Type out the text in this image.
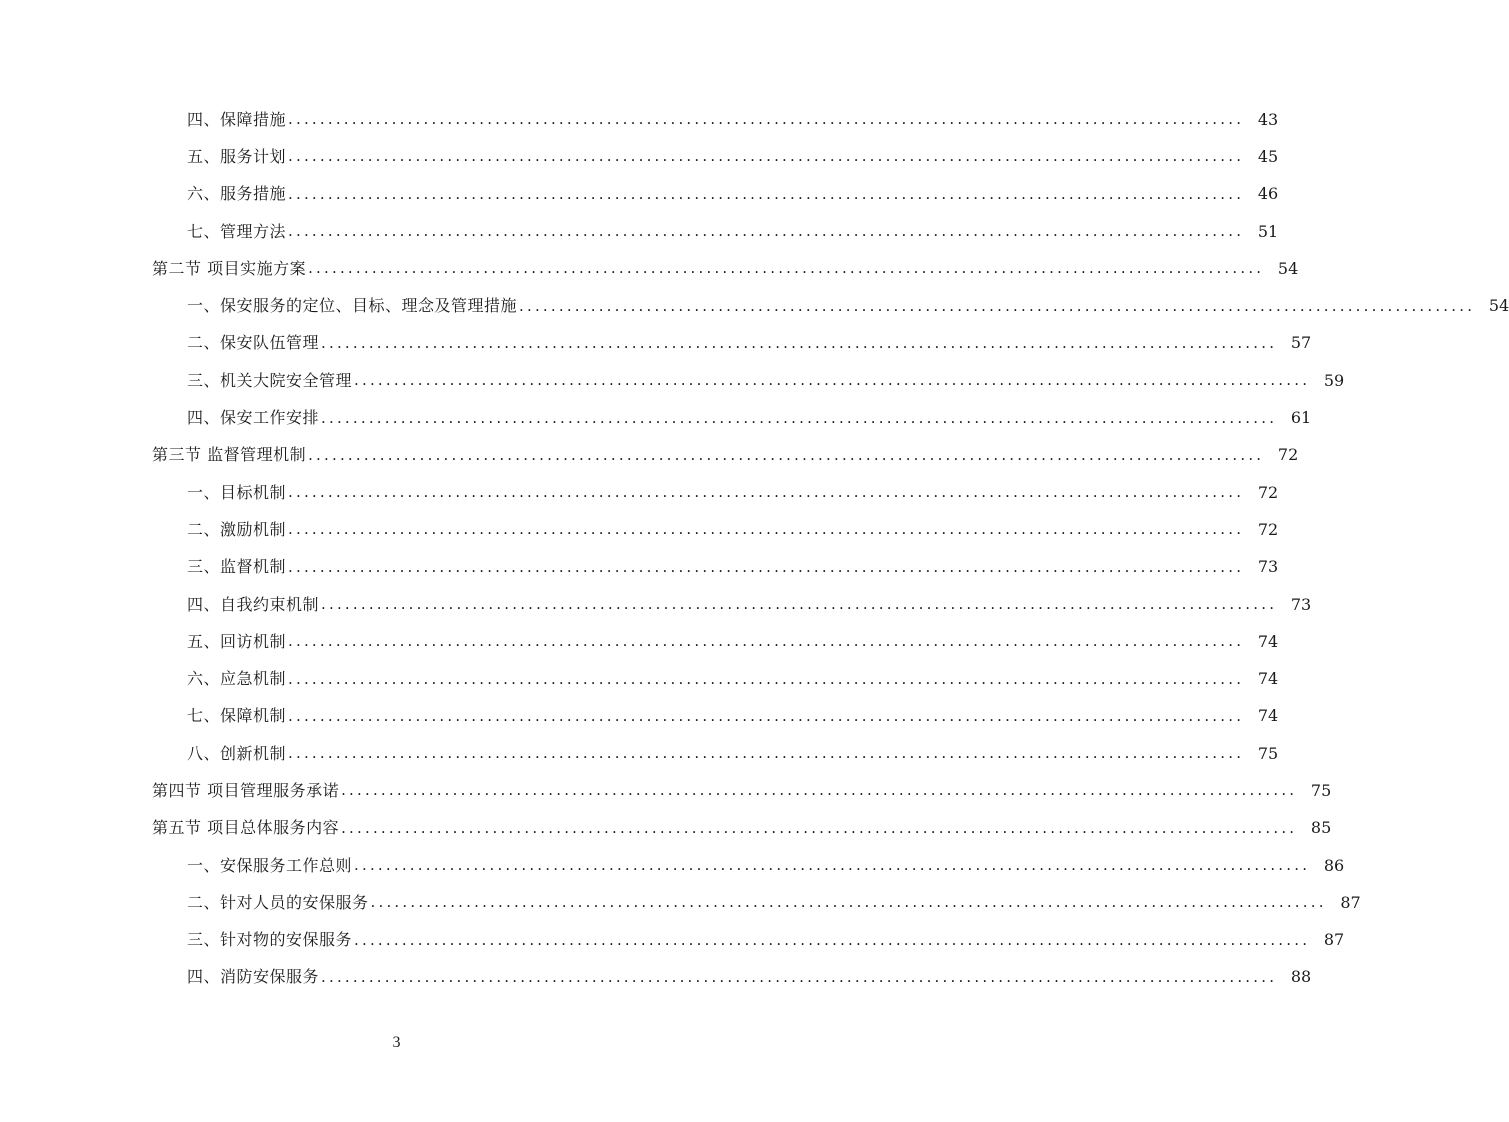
四、保障措施 ........................................................................................................................ 43
五、服务计划 ........................................................................................................................ 45
六、服务措施 ........................................................................................................................ 46
七、管理方法 ........................................................................................................................ 51
第二节 项目实施方案 ........................................................................................................................ 54
一、保安服务的定位、目标、理念及管理措施 ........................................................................................................................ 54
二、保安队伍管理 ........................................................................................................................ 57
三、机关大院安全管理 ........................................................................................................................ 59
四、保安工作安排 ........................................................................................................................ 61
第三节 监督管理机制 ........................................................................................................................ 72
一、目标机制 ........................................................................................................................ 72
二、激励机制 ........................................................................................................................ 72
三、监督机制 ........................................................................................................................ 73
四、自我约束机制 ........................................................................................................................ 73
五、回访机制 ........................................................................................................................ 74
六、应急机制 ........................................................................................................................ 74
七、保障机制 ........................................................................................................................ 74
八、创新机制 ........................................................................................................................ 75
第四节 项目管理服务承诺 ........................................................................................................................ 75
第五节 项目总体服务内容 ........................................................................................................................ 85
一、安保服务工作总则 ........................................................................................................................ 86
二、针对人员的安保服务 ........................................................................................................................ 87
三、针对物的安保服务 ........................................................................................................................ 87
四、消防安保服务 ........................................................................................................................ 88
3
